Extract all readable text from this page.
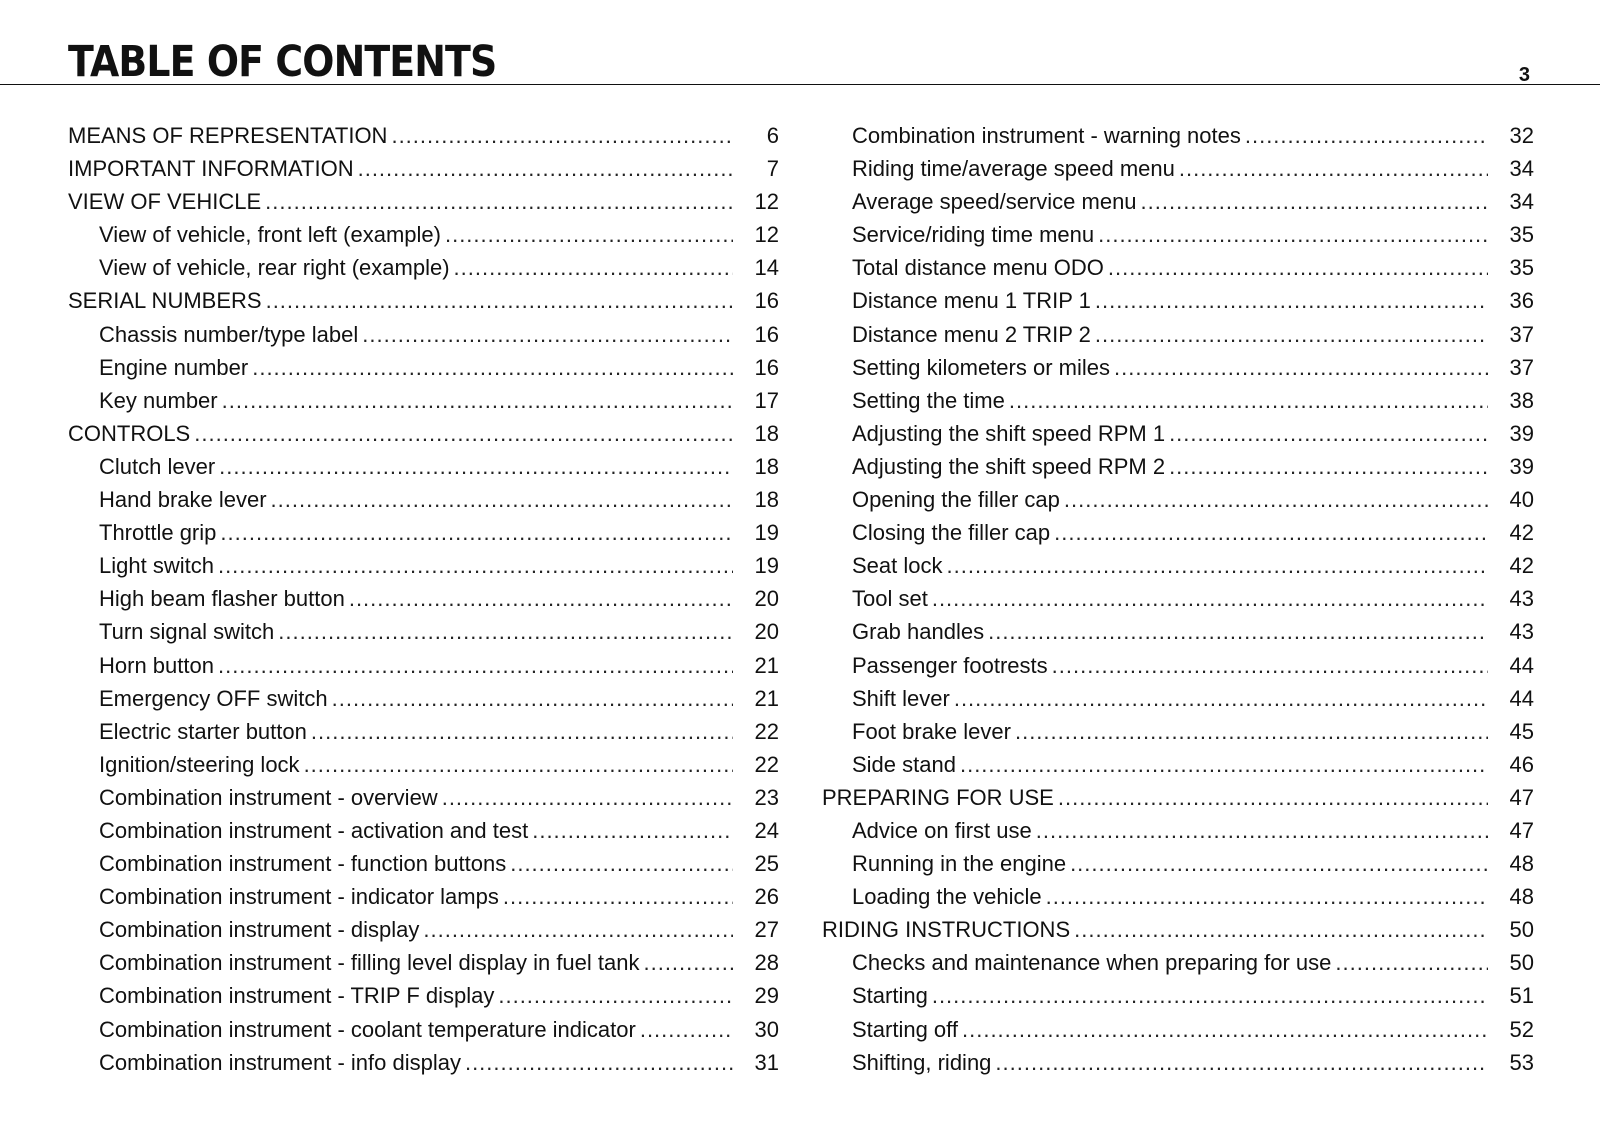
TABLE OF CONTENTS	3
MEANS OF REPRESENTATION .....	6
IMPORTANT INFORMATION .....	7
VIEW OF VEHICLE .....	12
View of vehicle, front left (example) .....	12
View of vehicle, rear right (example) .....	14
SERIAL NUMBERS .....	16
Chassis number/type label .....	16
Engine number .....	16
Key number .....	17
CONTROLS .....	18
Clutch lever .....	18
Hand brake lever .....	18
Throttle grip .....	19
Light switch .....	19
High beam flasher button .....	20
Turn signal switch .....	20
Horn button .....	21
Emergency OFF switch .....	21
Electric starter button .....	22
Ignition/steering lock .....	22
Combination instrument - overview .....	23
Combination instrument - activation and test .....	24
Combination instrument - function buttons .....	25
Combination instrument - indicator lamps .....	26
Combination instrument - display .....	27
Combination instrument - filling level display in fuel tank .....	28
Combination instrument - TRIP F display .....	29
Combination instrument - coolant temperature indicator .....	30
Combination instrument - info display .....	31
Combination instrument - warning notes .....	32
Riding time/average speed menu .....	34
Average speed/service menu .....	34
Service/riding time menu .....	35
Total distance menu ODO .....	35
Distance menu 1 TRIP 1 .....	36
Distance menu 2 TRIP 2 .....	37
Setting kilometers or miles .....	37
Setting the time .....	38
Adjusting the shift speed RPM 1 .....	39
Adjusting the shift speed RPM 2 .....	39
Opening the filler cap .....	40
Closing the filler cap .....	42
Seat lock .....	42
Tool set .....	43
Grab handles .....	43
Passenger footrests .....	44
Shift lever .....	44
Foot brake lever .....	45
Side stand .....	46
PREPARING FOR USE .....	47
Advice on first use .....	47
Running in the engine .....	48
Loading the vehicle .....	48
RIDING INSTRUCTIONS .....	50
Checks and maintenance when preparing for use .....	50
Starting .....	51
Starting off .....	52
Shifting, riding .....	53
